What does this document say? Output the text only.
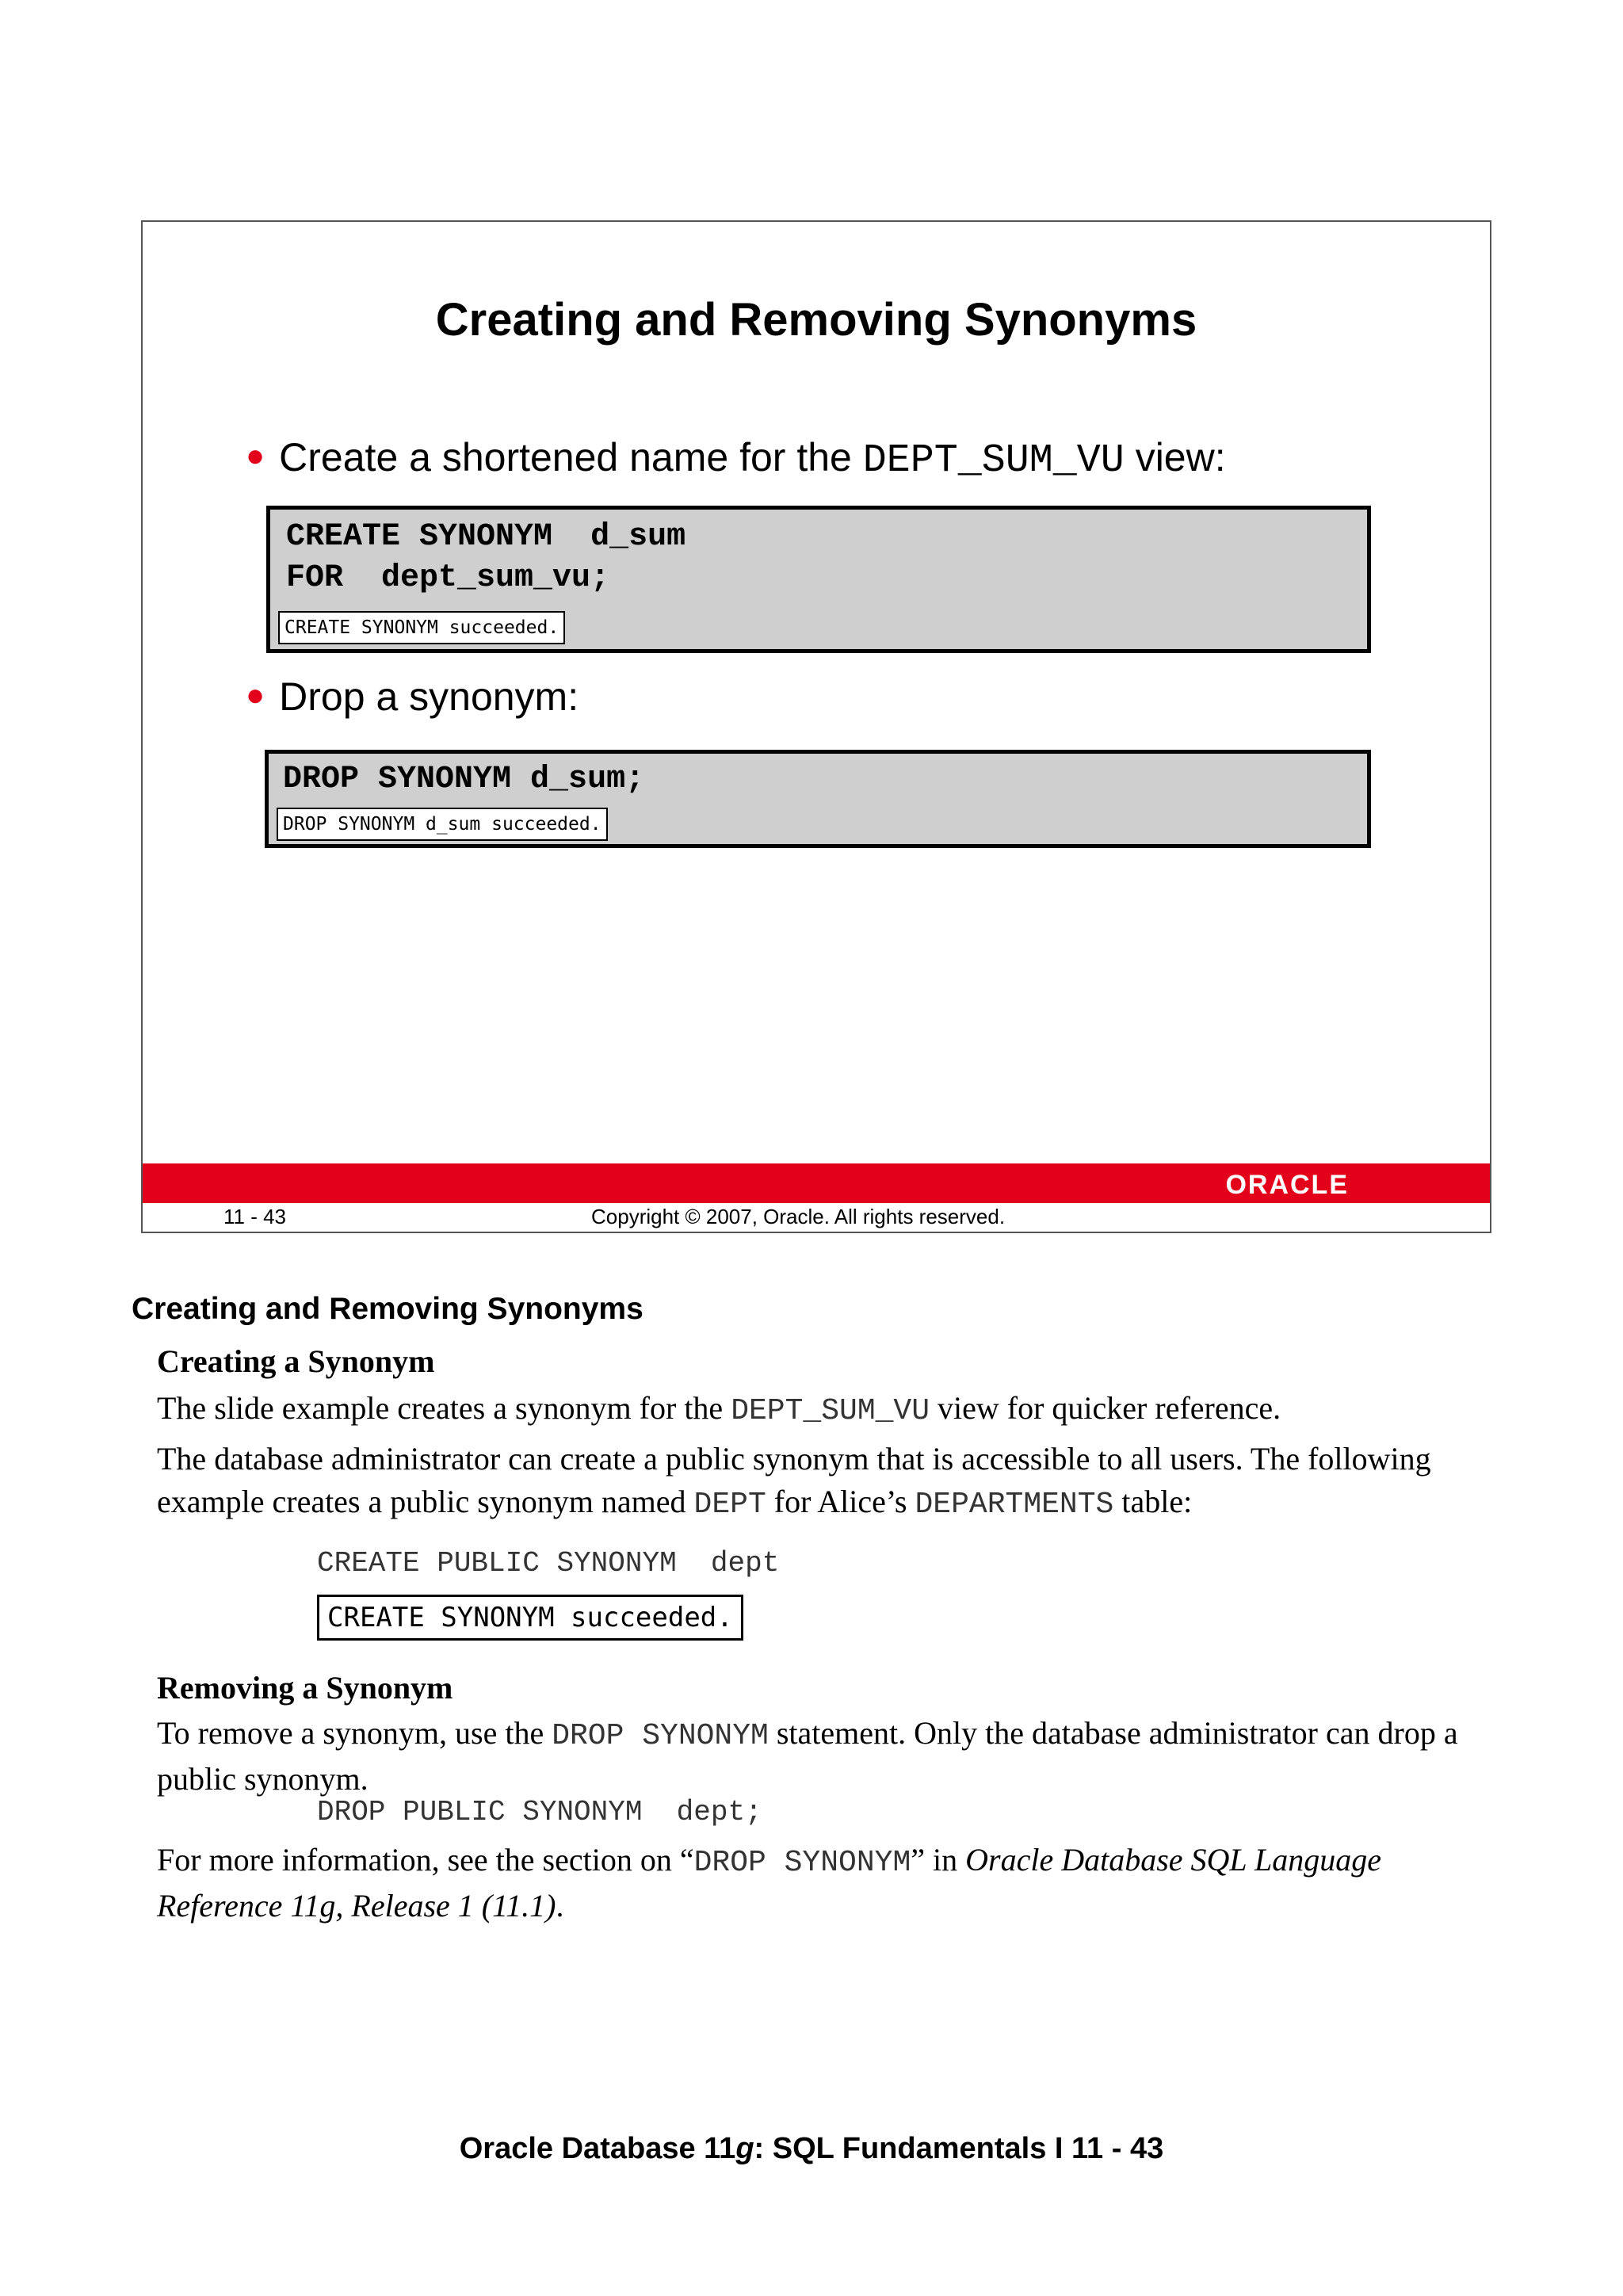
Creating and Removing Synonyms
● Create a shortened name for the DEPT_SUM_VU view:
CREATE SYNONYM  d_sum
FOR  dept_sum_vu;
CREATE SYNONYM succeeded.
● Drop a synonym:
DROP SYNONYM d_sum;
DROP SYNONYM d_sum succeeded.
ORACLE
11 - 43	Copyright © 2007, Oracle. All rights reserved.
Creating and Removing Synonyms
Creating a Synonym
The slide example creates a synonym for the DEPT_SUM_VU view for quicker reference.
The database administrator can create a public synonym that is accessible to all users. The following example creates a public synonym named DEPT for Alice’s DEPARTMENTS table:
CREATE PUBLIC SYNONYM  dept
CREATE SYNONYM succeeded.
Removing a Synonym
To remove a synonym, use the DROP SYNONYM statement. Only the database administrator can drop a public synonym.
DROP PUBLIC SYNONYM  dept;
For more information, see the section on “DROP SYNONYM” in Oracle Database SQL Language Reference 11g, Release 1 (11.1).
Oracle Database 11g: SQL Fundamentals I 11 - 43
